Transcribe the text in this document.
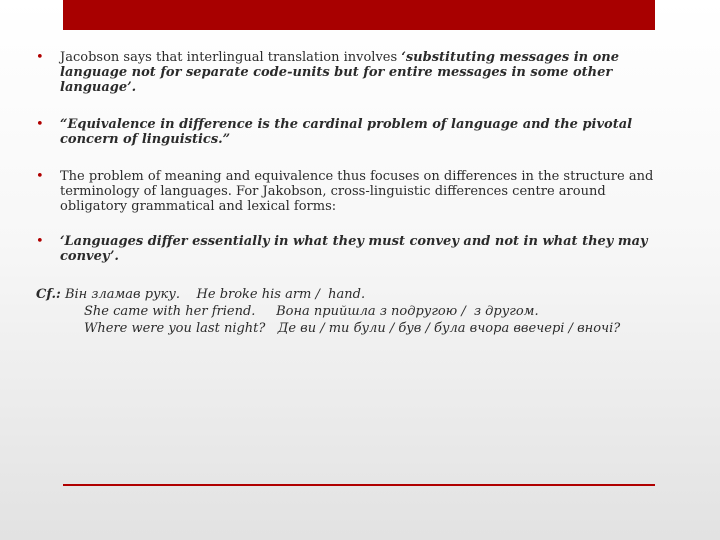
• Jacobson says that interlingual translation involves ‘substituting messages in one language not for separate code-units but for entire messages in some other language’.
• “Equivalence in difference is the cardinal problem of language and the pivotal concern of linguistics.”
• The problem of meaning and equivalence thus focuses on differences in the structure and terminology of languages. For Jakobson, cross-linguistic differences centre around obligatory grammatical and lexical forms:
• ‘Languages differ essentially in what they must convey and not in what they may convey’.
Cf.: Він зламав руку.    He broke his arm /  hand.
She came with her friend.     Вона прийшла з подругою /  з другом.
Where were you last night?   Де ви / ти були / був / була вчора ввечері / вночі?
